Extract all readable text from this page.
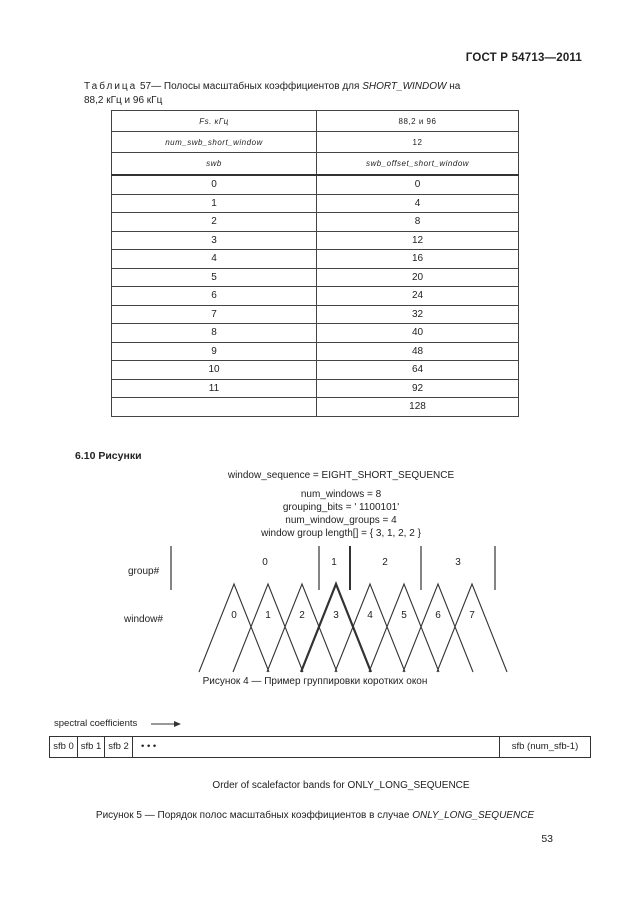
ГОСТ Р 54713—2011
Таблица 57— Полосы масштабных коэффициентов для SHORT_WINDOW на
88,2 кГц и 96 кГц
Fs. кГц	88,2 и 96
num_swb_short_window	12
swb	swb_offset_short_window
0	0
1	4
2	8
3	12
4	16
5	20
6	24
7	32
8	40
9	48
10	64
11	92
	128
6.10 Рисунки
window_sequence = EIGHT_SHORT_SEQUENCE
num_windows = 8
grouping_bits = ' 1100101'
num_window_groups = 4
window group length[] = { 3, 1, 2, 2 }
group#
window#
0	1	2	3
0	1	2	3	4	5	6	7
Рисунок 4 — Пример группировки коротких окон
spectral coefficients
sfb 0 sfb 1 sfb 2	• • •	sfb (num_sfb-1)
Order of scalefactor bands for ONLY_LONG_SEQUENCE
Рисунок 5 — Порядок полос масштабных коэффициентов в случае ONLY_LONG_SEQUENCE
53
